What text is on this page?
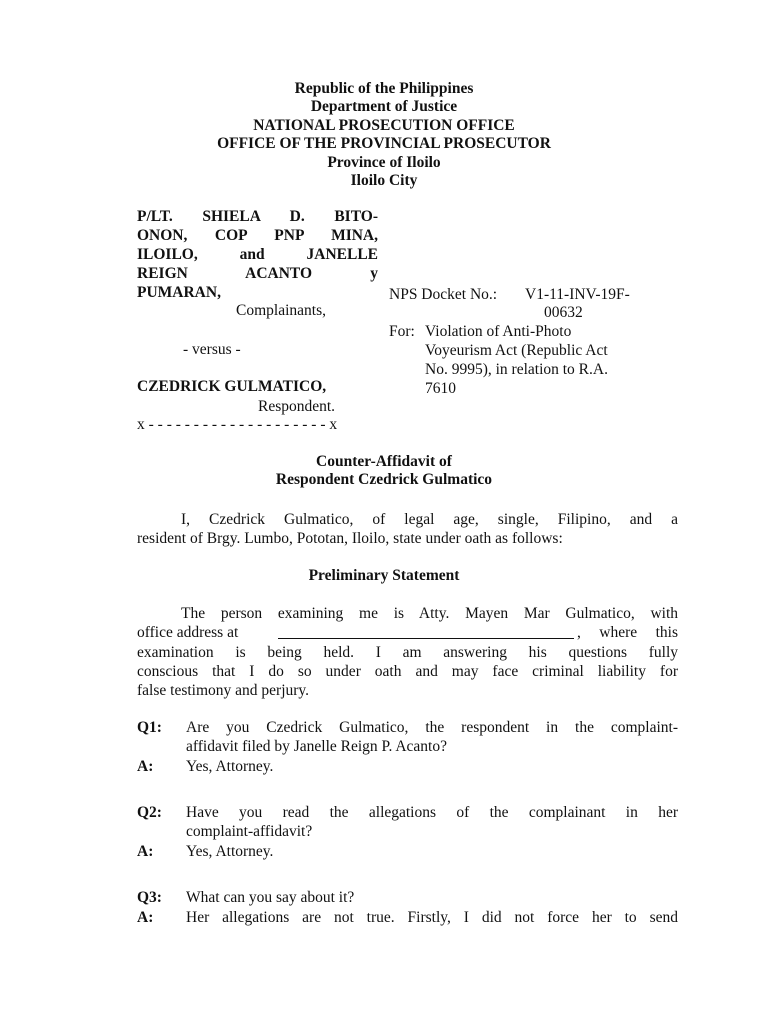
Republic of the Philippines
Department of Justice
NATIONAL PROSECUTION OFFICE
OFFICE OF THE PROVINCIAL PROSECUTOR
Province of Iloilo
Iloilo City
P/LT. SHIELA D. BITO-
ONON, COP PNP MINA,
ILOILO, and JANELLE
REIGN ACANTO y
PUMARAN,
Complainants,
- versus -
CZEDRICK GULMATICO,
Respondent.
x - - - - - - - - - - - - - - - - - - - - x
NPS Docket No.: V1-11-INV-19F-
00632
For: Violation of Anti-Photo
Voyeurism Act (Republic Act
No. 9995), in relation to R.A.
7610
Counter-Affidavit of
Respondent Czedrick Gulmatico
I, Czedrick Gulmatico, of legal age, single, Filipino, and a
resident of Brgy. Lumbo, Pototan, Iloilo, state under oath as follows:
Preliminary Statement
The person examining me is Atty. Mayen Mar Gulmatico, with
office address at	, where this
examination is being held. I am answering his questions fully
conscious that I do so under oath and may face criminal liability for
false testimony and perjury.
Q1: Are you Czedrick Gulmatico, the respondent in the complaint-
affidavit filed by Janelle Reign P. Acanto?
A: Yes, Attorney.
Q2: Have you read the allegations of the complainant in her
complaint-affidavit?
A: Yes, Attorney.
Q3: What can you say about it?
A: Her allegations are not true. Firstly, I did not force her to send
